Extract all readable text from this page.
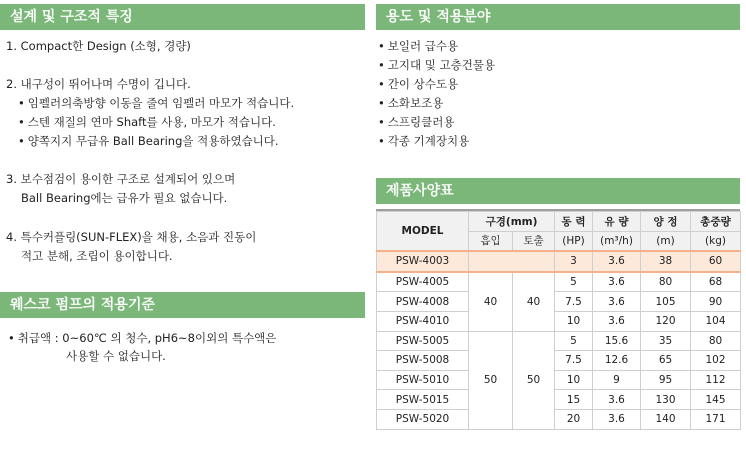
설계 및 구조적 특징
1. Compact한 Design (소형, 경량)
2. 내구성이 뛰어나며 수명이 깁니다.
• 임펠러의축방향 이동을 줄여 임펠러 마모가 적습니다.
• 스텐 재질의 연마 Shaft를 사용, 마모가 적습니다.
• 양쪽지지 무급유 Ball Bearing을 적용하였습니다.
3. 보수점검이 용이한 구조로 설계되어 있으며
Ball Bearing에는 급유가 필요 없습니다.
4. 특수커플링(SUN-FLEX)을 채용, 소음과 진동이
적고 분해, 조립이 용이합니다.
웨스코 펌프의 적용기준
• 취급액 : 0~60℃ 의 청수, pH6~8이외의 특수액은
사용할 수 없습니다.
용도 및 적용분야
• 보일러 급수용
• 고지대 및 고층건물용
• 간이 상수도용
• 소화보조용
• 스프링클러용
• 각종 기계장치용
제품사양표
MODEL	구경(mm)		동 력	유 량	양 정	총중량
	흡입	토출	(HP)	(m³/h)	(m)	(kg)
PSW-4003			3	3.6	38	60
PSW-4005	40	40	5	3.6	80	68
PSW-4008			7.5	3.6	105	90
PSW-4010			10	3.6	120	104
PSW-5005	50	50	5	15.6	35	80
PSW-5008			7.5	12.6	65	102
PSW-5010			10	9	95	112
PSW-5015			15	3.6	130	145
PSW-5020			20	3.6	140	171
